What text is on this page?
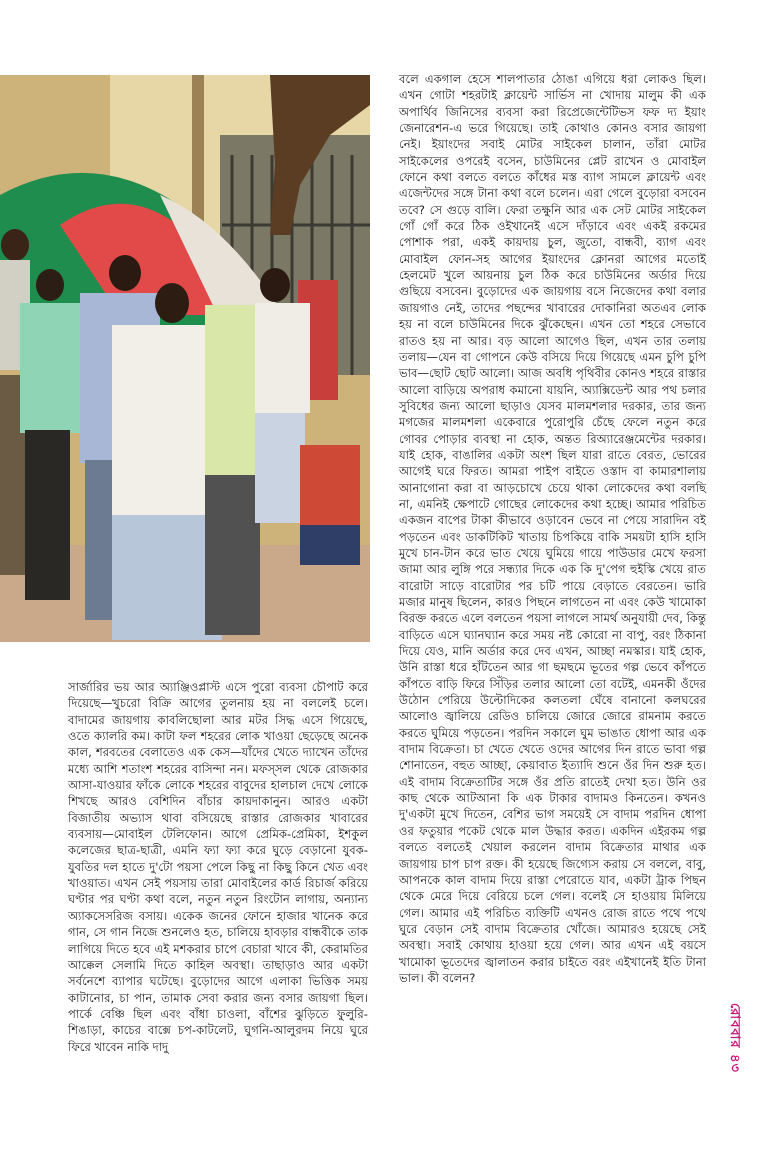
বলে একগাল হেসে শালপাতার ঠোঙা এগিয়ে ধরা লোকও ছিল। এখন গোটা শহরটাই ক্লায়েন্ট সার্ভিস না খোদায় মালুম কী এক অপার্থিব জিনিসের ব্যবসা করা রিপ্রেজেন্টেটিভস ফফ দ্য ইয়াং জেনারেশন-এ ভরে গিয়েছে। তাই কোথাও কোনও বসার জায়গা নেই। ইয়াংদের সবাই মোটর সাইকেল চালান, তাঁরা মোটর সাইকেলের ওপরেই বসেন, চাউমিনের প্লেট রাখেন ও মোবাইল ফোনে কথা বলতে বলতে কাঁধের মস্ত ব্যাগ সামলে ক্লায়েন্ট এবং এজেন্টদের সঙ্গে টানা কথা বলে চলেন। এরা গেলে বুড়োরা বসবেন তবে? সে গুড়ে বালি। ফেরা তক্ষুনি আর এক সেট মোটর সাইকেল গোঁ গোঁ করে ঠিক ওইখানেই এসে দাঁড়াবে এবং একই রকমের পোশাক পরা, একই কায়দায় চুল, জুতো, বান্ধবী, ব্যাগ এবং মোবাইল ফোন-সহ আগের ইয়াংদের ক্লোনরা আগের মতোই হেলমেট খুলে আয়নায় চুল ঠিক করে চাউমিনের অর্ডার দিয়ে গুছিয়ে বসবেন। বুড়োদের এক জায়গায় বসে নিজেদের কথা বলার জায়গাও নেই, তাদের পছন্দের খাবারের দোকানিরা অতএব লোক হয় না বলে চাউমিনের দিকে ঝুঁকেছেন। এখন তো শহরে সেভাবে রাতও হয় না আর। বড় আলো আগেও ছিল, এখন তার তলায় তলায়—যেন বা গোপনে কেউ বসিয়ে দিয়ে গিয়েছে এমন চুপি চুপি ভাব—ছোট ছোট আলো। আজ অবধি পৃথিবীর কোনও শহরে রাস্তার আলো বাড়িয়ে অপরাধ কমানো যায়নি, অ্যাক্সিডেন্ট আর পথ চলার সুবিধের জন্য আলো ছাড়াও যেসব মালমশলার দরকার, তার জন্য মগজের মালমশলা একেবারে পুরোপুরি চেঁছে ফেলে নতুন করে গোবর পোড়ার ব্যবস্থা না হোক, অন্তত রিঅ্যারেঞ্জমেন্টের দরকার। যাই হোক, বাঙালির একটা অংশ ছিল যারা রাতে বেরত, ভোরের আগেই ঘরে ফিরত। আমরা পাইপ বাইতে ওস্তাদ বা কামারশালায় আনাগোনা করা বা আড়চোখে চেয়ে থাকা লোকেদের কথা বলছি না, এমনিই ক্ষেপাটে গোছের লোকেদের কথা হচ্ছে। আমার পরিচিত একজন বাপের টাকা কীভাবে ওড়াবেন ভেবে না পেয়ে সারাদিন বই পড়তেন এবং ডাকটিকিট খাতায় চিপকিয়ে বাকি সময়টা হাসি হাসি মুখে চান-টান করে ভাত খেয়ে ঘুমিয়ে গায়ে পাউডার মেখে ফরসা জামা আর লুঙ্গি পরে সন্ধ্যার দিকে এক কি দু'পেগ হুইস্কি খেয়ে রাত বারোটা সাড়ে বারোটার পর চটি পায়ে বেড়াতে বেরতেন। ভারি মজার মানুষ ছিলেন, কারও পিছনে লাগতেন না এবং কেউ খামোকা বিরক্ত করতে এলে বলতেন পয়সা লাগলে সামর্থ অনুযায়ী দেব, কিন্তু বাড়িতে এসে ঘ্যানঘ্যান করে সময় নষ্ট কোরো না বাপু, বরং ঠিকানা দিয়ে যেও, মানি অর্ডার করে দেব এখন, আচ্ছা নমস্কার। যাই হোক, উনি রাস্তা ধরে হাঁটতেন আর গা ছমছমে ভূতের গল্প ভেবে কাঁপতে কাঁপতে বাড়ি ফিরে সিঁড়ির তলার আলো তো বটেই, এমনকী ওঁদের উঠোন পেরিয়ে উল্টোদিকের কলতলা ঘেঁষে বানানো কলঘরের আলোও জ্বালিয়ে রেডিও চালিয়ে জোরে জোরে রামনাম করতে করতে ঘুমিয়ে পড়তেন। পরদিন সকালে ঘুম ভাঙাত ধোপা আর এক বাদাম বিক্রেতা। চা খেতে খেতে ওদের আগের দিন রাতে ভাবা গল্প শোনাতেন, বহুত আচ্ছা, কেয়াবাত ইত্যাদি শুনে ওঁর দিন শুরু হত। এই বাদাম বিক্রেতাটির সঙ্গে ওঁর প্রতি রাতেই দেখা হত। উনি ওর কাছ থেকে আটআনা কি এক টাকার বাদামও কিনতেন। কখনও দু'একটা মুখে দিতেন, বেশির ভাগ সময়েই সে বাদাম পরদিন ধোপা ওর ফতুয়ার পকেট থেকে মাল উদ্ধার করত। একদিন এইরকম গল্প বলতে বলতেই খেয়াল করলেন বাদাম বিক্রেতার মাথার এক জায়গায় চাপ চাপ রক্ত। কী হয়েছে জিগ্যেস করায় সে বললে, বাবু, আপনকে কাল বাদাম দিয়ে রাস্তা পেরোতে যাব, একটা ট্রাক পিছন থেকে মেরে দিয়ে বেরিয়ে চলে গেল। বলেই সে হাওয়ায় মিলিয়ে গেল। আমার এই পরিচিত ব্যক্তিটি এখনও রোজ রাতে পথে পথে ঘুরে বেড়ান সেই বাদাম বিক্রেতার খোঁজে। আমারও হয়েছে সেই অবস্থা। সবাই কোথায় হাওয়া হয়ে গেল। আর এখন এই বয়সে খামোকা ভূতেদের জ্বালাতন করার চাইতে বরং এইখানেই ইতি টানা ভাল। কী বলেন?

সার্জারির ভয় আর অ্যাঞ্জিওপ্লাস্ট এসে পুরো ব্যবসা চৌপাট করে দিয়েছে—খুচরো বিক্রি আগের তুলনায় হয় না বললেই চলে। বাদামের জায়গায় কাবলিছোলা আর মটর সিদ্ধ এসে গিয়েছে, ওতে ক্যালরি কম। কাটা ফল শহরের লোক খাওয়া ছেড়েছে অনেক কাল, শরবতের বেলাতেও এক কেস—যাঁদের খেতে দ্যাখেন তাঁদের মধ্যে আশি শতাংশ শহরের বাসিন্দা নন। মফস্সল থেকে রোজকার আসা-যাওয়ার ফাঁকে লোকে শহরের বাবুদের হালচাল দেখে লোকে শিখছে আরও বেশিদিন বাঁচার কায়দাকানুন। আরও একটা বিজাতীয় অভ্যাস থাবা বসিয়েছে রাস্তার রোজকার খাবারের ব্যবসায়—মোবাইল টেলিফোন। আগে প্রেমিক-প্রেমিকা, ইশকুল কলেজের ছাত্র-ছাত্রী, এমনি ফ্যা ফ্যা করে ঘুড়ে বেড়ানো যুবক-যুবতির দল হাতে দু'টো পয়সা পেলে কিছু না কিছু কিনে খেত এবং খাওয়াত। এখন সেই পয়সায় তারা মোবাইলের কার্ড রিচার্জ করিয়ে ঘণ্টার পর ঘণ্টা কথা বলে, নতুন নতুন রিংটোন লাগায়, অন্যান্য অ্যাকসেসরিজ বসায়। একেক জনের ফোনে হাজার খানেক করে গান, সে গান নিজে শুনলেও হত, চালিয়ে হাবড়ার বান্ধবীকে তাক লাগিয়ে দিতে হবে এই মশকরার চাপে বেচারা খাবে কী, কেরামতির আক্কেল সেলামি দিতে কাহিল অবস্থা। তাছাড়াও আর একটা সর্বনেশে ব্যাপার ঘটেছে। বুড়োদের আগে এলাকা ভিত্তিক সময় কাটানোর, চা পান, তামাক সেবা করার জন্য বসার জায়গা ছিল। পার্কে বেঞ্চি ছিল এবং বাঁধা চাওলা, বাঁশের ঝুড়িতে ফুলুরি-শিঙাড়া, কাচের বাক্সে চপ-কাটলেট, ঘুগনি-আলুরদম নিয়ে ঘুরে ফিরে খাবেন নাকি দাদু	রোববার ৪৩
